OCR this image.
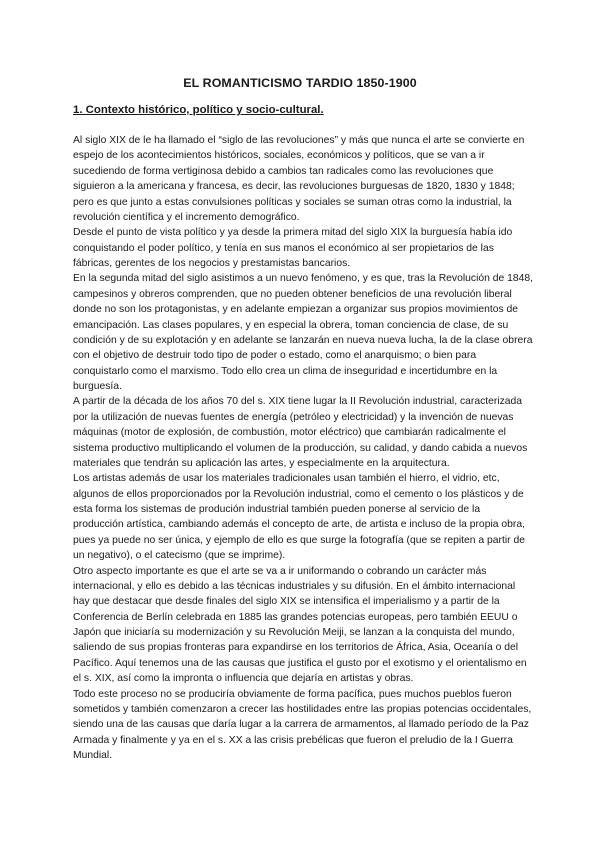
EL ROMANTICISMO TARDIO 1850-1900
1. Contexto histórico, político y socio-cultural.

Al siglo XIX de le ha llamado el “siglo de las revoluciones” y más que nunca el arte se convierte en espejo de los acontecimientos históricos, sociales, económicos y políticos, que se van a ir sucediendo de forma vertiginosa debido a cambios tan radicales como las revoluciones que siguieron a la americana y francesa, es decir, las revoluciones burguesas de 1820, 1830 y 1848; pero es que junto a estas convulsiones políticas y sociales se suman otras como la industrial, la revolución científica y el incremento demográfico.

Desde el punto de vista político y ya desde la primera mitad del siglo XIX la burguesía había ido conquistando el poder político, y tenía en sus manos el económico al ser propietarios de las fábricas, gerentes de los negocios y prestamistas bancarios.

En la segunda mitad del siglo asistimos a un nuevo fenómeno, y es que, tras la Revolución de 1848, campesinos y obreros comprenden, que no pueden obtener beneficios de una revolución liberal donde no son los protagonistas, y en adelante empiezan a organizar sus propios movimientos de emancipación. Las clases populares, y en especial la obrera, toman conciencia de clase, de su condición y de su explotación y en adelante se lanzarán en nueva nueva lucha, la de la clase obrera con el objetivo de destruir todo tipo de poder o estado, como el anarquismo; o bien para conquistarlo como el marxismo. Todo ello crea un clima de inseguridad e incertidumbre en la burguesía.

A partir de la década de los años 70 del s. XIX tiene lugar la II Revolución industrial, caracterizada por la utilización de nuevas fuentes de energía (petróleo y electricidad) y la invención de nuevas máquinas (motor de explosión, de combustión, motor eléctrico) que cambiarán radicalmente el sistema productivo multiplicando el volumen de la producción, su calidad, y dando cabida a nuevos materiales que tendrán su aplicación las artes, y especialmente en la arquitectura.

Los artistas además de usar los materiales tradicionales usan también el hierro, el vidrio, etc, algunos de ellos proporcionados por la Revolución industrial, como el cemento o los plásticos y de esta forma los sistemas de produción industrial también pueden ponerse al servicio de la producción artística, cambiando además el concepto de arte, de artista e incluso de la propia obra, pues ya puede no ser única, y ejemplo de ello es que surge la fotografía (que se repiten a partir de un negativo), o el catecismo (que se imprime).

Otro aspecto importante es que el arte se va a ir uniformando o cobrando un carácter más internacional, y ello es debido a las técnicas industriales y su difusión. En el ámbito internacional hay que destacar que desde finales del siglo XIX se intensifica el imperialismo y a partir de la Conferencia de Berlín celebrada en 1885 las grandes potencias europeas, pero también EEUU o Japón que iniciaría su modernización y su Revolución Meiji, se lanzan a la conquista del mundo, saliendo de sus propias fronteras para expandirse en los territorios de África, Asia, Oceanía o del Pacífico. Aquí tenemos una de las causas que justifica el gusto por el exotismo y el orientalismo en el s. XIX, así como la impronta o influencia que dejaría en artistas y obras.

Todo este proceso no se produciría obviamente de forma pacífica, pues muchos pueblos fueron sometidos y también comenzaron a crecer las hostilidades entre las propias potencias occidentales, siendo una de las causas que daría lugar a la carrera de armamentos, al llamado período de la Paz Armada y finalmente y ya en el s. XX a las crisis prebélicas que fueron el preludio de la I Guerra Mundial.
